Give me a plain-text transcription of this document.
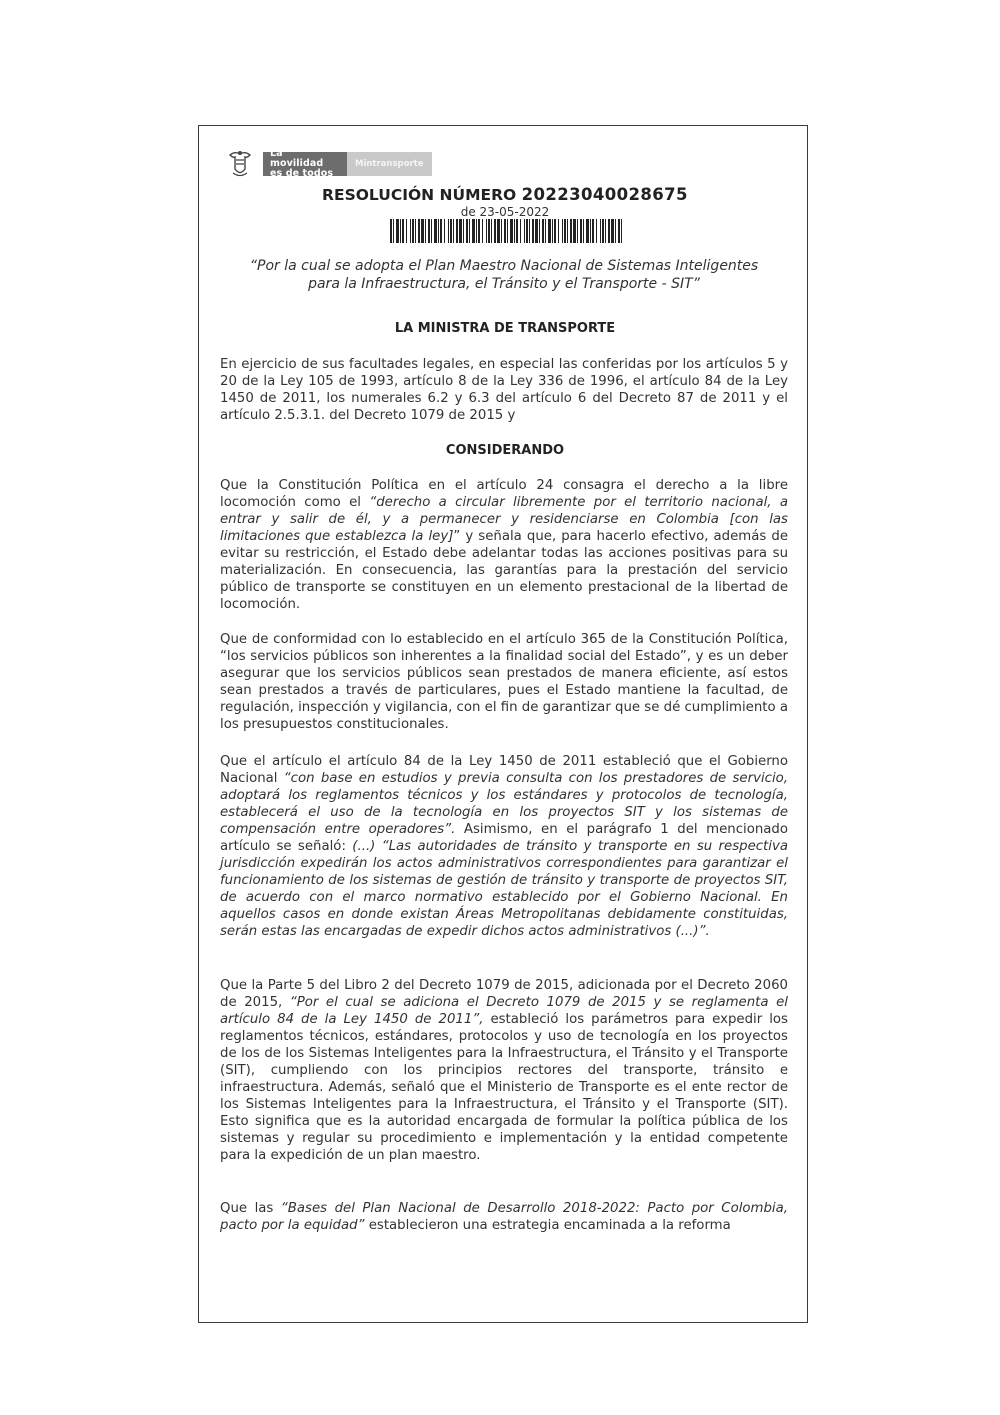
La movilidad
es de todos
Mintransporte
RESOLUCIÓN NÚMERO 20223040028675
de 23-05-2022
“Por la cual se adopta el Plan Maestro Nacional de Sistemas Inteligentes
para la Infraestructura, el Tránsito y el Transporte - SIT”
LA MINISTRA DE TRANSPORTE

En ejercicio de sus facultades legales, en especial las conferidas por los artículos 5 y 20 de la Ley 105 de 1993, artículo 8 de la Ley 336 de 1996, el artículo 84 de la Ley 1450 de 2011, los numerales 6.2 y 6.3 del artículo 6 del Decreto 87 de 2011 y el artículo 2.5.3.1. del Decreto 1079 de 2015 y

CONSIDERANDO

Que la Constitución Política en el artículo 24 consagra el derecho a la libre locomoción como el “derecho a circular libremente por el territorio nacional, a entrar y salir de él, y a permanecer y residenciarse en Colombia [con las limitaciones que establezca la ley]” y señala que, para hacerlo efectivo, además de evitar su restricción, el Estado debe adelantar todas las acciones positivas para su materialización. En consecuencia, las garantías para la prestación del servicio público de transporte se constituyen en un elemento prestacional de la libertad de locomoción.

Que de conformidad con lo establecido en el artículo 365 de la Constitución Política, “los servicios públicos son inherentes a la finalidad social del Estado”, y es un deber asegurar que los servicios públicos sean prestados de manera eficiente, así estos sean prestados a través de particulares, pues el Estado mantiene la facultad, de regulación, inspección y vigilancia, con el fin de garantizar que se dé cumplimiento a los presupuestos constitucionales.

Que el artículo el artículo 84 de la Ley 1450 de 2011 estableció que el Gobierno Nacional “con base en estudios y previa consulta con los prestadores de servicio, adoptará los reglamentos técnicos y los estándares y protocolos de tecnología, establecerá el uso de la tecnología en los proyectos SIT y los sistemas de compensación entre operadores”. Asimismo, en el parágrafo 1 del mencionado artículo se señaló: (...) “Las autoridades de tránsito y transporte en su respectiva jurisdicción expedirán los actos administrativos correspondientes para garantizar el funcionamiento de los sistemas de gestión de tránsito y transporte de proyectos SIT, de acuerdo con el marco normativo establecido por el Gobierno Nacional. En aquellos casos en donde existan Áreas Metropolitanas debidamente constituidas, serán estas las encargadas de expedir dichos actos administrativos (...)”.

Que la Parte 5 del Libro 2 del Decreto 1079 de 2015, adicionada por el Decreto 2060 de 2015, “Por el cual se adiciona el Decreto 1079 de 2015 y se reglamenta el artículo 84 de la Ley 1450 de 2011”, estableció los parámetros para expedir los reglamentos técnicos, estándares, protocolos y uso de tecnología en los proyectos de los de los Sistemas Inteligentes para la Infraestructura, el Tránsito y el Transporte (SIT), cumpliendo con los principios rectores del transporte, tránsito e infraestructura. Además, señaló que el Ministerio de Transporte es el ente rector de los Sistemas Inteligentes para la Infraestructura, el Tránsito y el Transporte (SIT). Esto significa que es la autoridad encargada de formular la política pública de los sistemas y regular su procedimiento e implementación y la entidad competente para la expedición de un plan maestro.

Que las “Bases del Plan Nacional de Desarrollo 2018-2022: Pacto por Colombia, pacto por la equidad” establecieron una estrategia encaminada a la reforma
